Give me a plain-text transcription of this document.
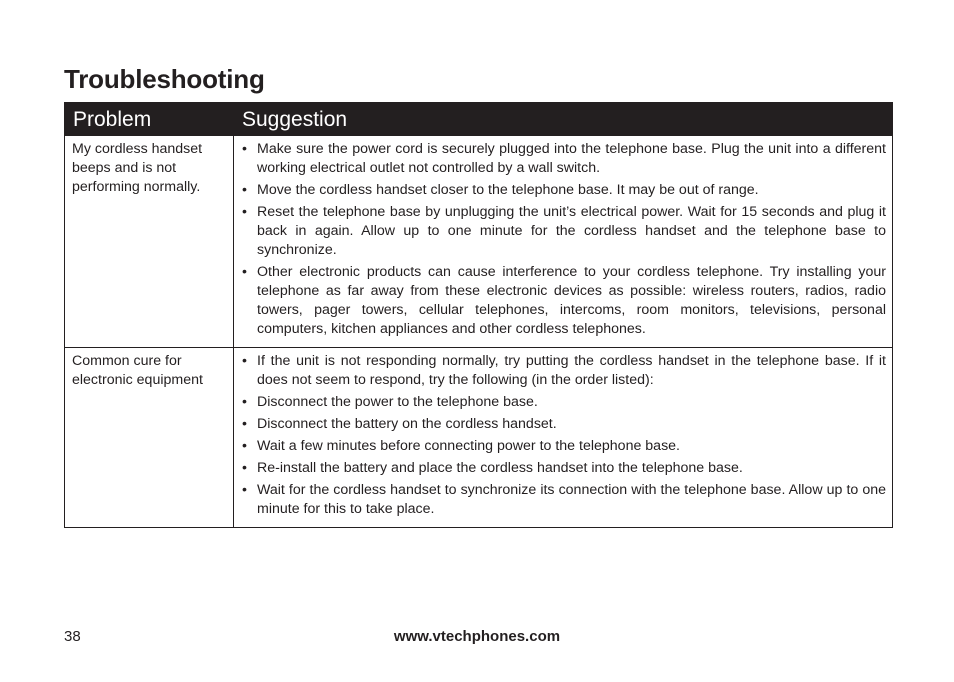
Troubleshooting
Problem	Suggestion
My cordless handset beeps and is not performing normally.
• Make sure the power cord is securely plugged into the telephone base. Plug the unit into a different working electrical outlet not controlled by a wall switch.
• Move the cordless handset closer to the telephone base. It may be out of range.
• Reset the telephone base by unplugging the unit’s electrical power. Wait for 15 seconds and plug it back in again. Allow up to one minute for the cordless handset and the telephone base to synchronize.
• Other electronic products can cause interference to your cordless telephone. Try installing your telephone as far away from these electronic devices as possible: wireless routers, radios, radio towers, pager towers, cellular telephones, intercoms, room monitors, televisions, personal computers, kitchen appliances and other cordless telephones.
Common cure for electronic equipment
• If the unit is not responding normally, try putting the cordless handset in the telephone base. If it does not seem to respond, try the following (in the order listed):
• Disconnect the power to the telephone base.
• Disconnect the battery on the cordless handset.
• Wait a few minutes before connecting power to the telephone base.
• Re-install the battery and place the cordless handset into the telephone base.
• Wait for the cordless handset to synchronize its connection with the telephone base. Allow up to one minute for this to take place.
38	www.vtechphones.com
